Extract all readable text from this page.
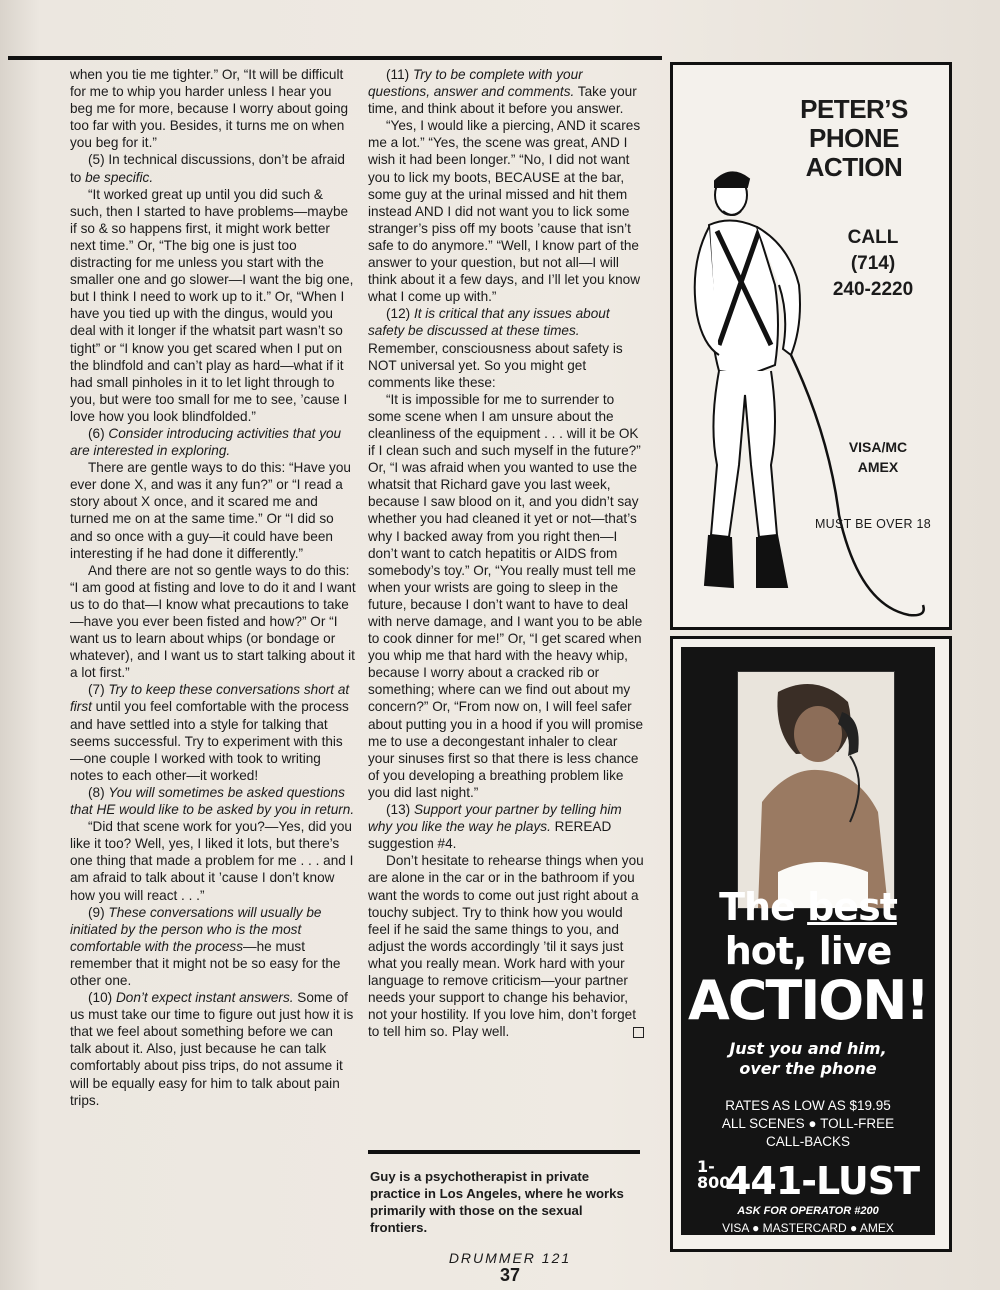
when you tie me tighter.” Or, “It will be difficult for me to whip you harder unless I hear you beg me for more, because I worry about going too far with you. Besides, it turns me on when you beg for it.”

(5) In technical discussions, don’t be afraid to be specific.

“It worked great up until you did such & such, then I started to have problems—maybe if so & so happens first, it might work better next time.” Or, “The big one is just too distracting for me unless you start with the smaller one and go slower—I want the big one, but I think I need to work up to it.” Or, “When I have you tied up with the dingus, would you deal with it longer if the whatsit part wasn’t so tight” or “I know you get scared when I put on the blindfold and can’t play as hard—what if it had small pinholes in it to let light through to you, but were too small for me to see, ’cause I love how you look blindfolded.”

(6) Consider introducing activities that you are interested in exploring.

There are gentle ways to do this: “Have you ever done X, and was it any fun?” or “I read a story about X once, and it scared me and turned me on at the same time.” Or “I did so and so once with a guy—it could have been interesting if he had done it differently.”

And there are not so gentle ways to do this: “I am good at fisting and love to do it and I want us to do that—I know what precautions to take—have you ever been fisted and how?” Or “I want us to learn about whips (or bondage or whatever), and I want us to start talking about it a lot first.”

(7) Try to keep these conversations short at first until you feel comfortable with the process and have settled into a style for talking that seems successful. Try to experiment with this—one couple I worked with took to writing notes to each other—it worked!

(8) You will sometimes be asked questions that HE would like to be asked by you in return.

“Did that scene work for you?—Yes, did you like it too? Well, yes, I liked it lots, but there’s one thing that made a problem for me . . . and I am afraid to talk about it ’cause I don’t know how you will react . . .”

(9) These conversations will usually be initiated by the person who is the most comfortable with the process—he must remember that it might not be so easy for the other one.

(10) Don’t expect instant answers. Some of us must take our time to figure out just how it is that we feel about something before we can talk about it. Also, just because he can talk comfortably about piss trips, do not assume it will be equally easy for him to talk about pain trips.

(11) Try to be complete with your questions, answer and comments. Take your time, and think about it before you answer.

“Yes, I would like a piercing, AND it scares me a lot.” “Yes, the scene was great, AND I wish it had been longer.” “No, I did not want you to lick my boots, BECAUSE at the bar, some guy at the urinal missed and hit them instead AND I did not want you to lick some stranger’s piss off my boots ’cause that isn’t safe to do anymore.” “Well, I know part of the answer to your question, but not all—I will think about it a few days, and I’ll let you know what I come up with.”

(12) It is critical that any issues about safety be discussed at these times. Remember, consciousness about safety is NOT universal yet. So you might get comments like these:

“It is impossible for me to surrender to some scene when I am unsure about the cleanliness of the equipment . . . will it be OK if I clean such and such myself in the future?” Or, “I was afraid when you wanted to use the whatsit that Richard gave you last week, because I saw blood on it, and you didn’t say whether you had cleaned it yet or not—that’s why I backed away from you right then—I don’t want to catch hepatitis or AIDS from somebody’s toy.” Or, “You really must tell me when your wrists are going to sleep in the future, because I don’t want to have to deal with nerve damage, and I want you to be able to cook dinner for me!” Or, “I get scared when you whip me that hard with the heavy whip, because I worry about a cracked rib or something; where can we find out about my concern?” Or, “From now on, I will feel safer about putting you in a hood if you will promise me to use a decongestant inhaler to clear your sinuses first so that there is less chance of you developing a breathing problem like you did last night.”

(13) Support your partner by telling him why you like the way he plays. REREAD suggestion #4.

Don’t hesitate to rehearse things when you are alone in the car or in the bathroom if you want the words to come out just right about a touchy subject. Try to think how you would feel if he said the same things to you, and adjust the words accordingly ’til it says just what you really mean. Work hard with your language to remove criticism—your partner needs your support to change his behavior, not your hostility. If you love him, don’t forget to tell him so. Play well.

Guy is a psychotherapist in private practice in Los Angeles, where he works primarily with those on the sexual frontiers.
PETER’S
PHONE
ACTION
CALL
(714)
240-2220
VISA/MC
AMEX
MUST BE OVER 18
The best
hot, live
ACTION!
Just you and him,
over the phone
RATES AS LOW AS $19.95
ALL SCENES ● TOLL-FREE
CALL-BACKS
1-
800441-LUST
ASK FOR OPERATOR #200
VISA ● MASTERCARD ● AMEX
DRUMMER 121
37
